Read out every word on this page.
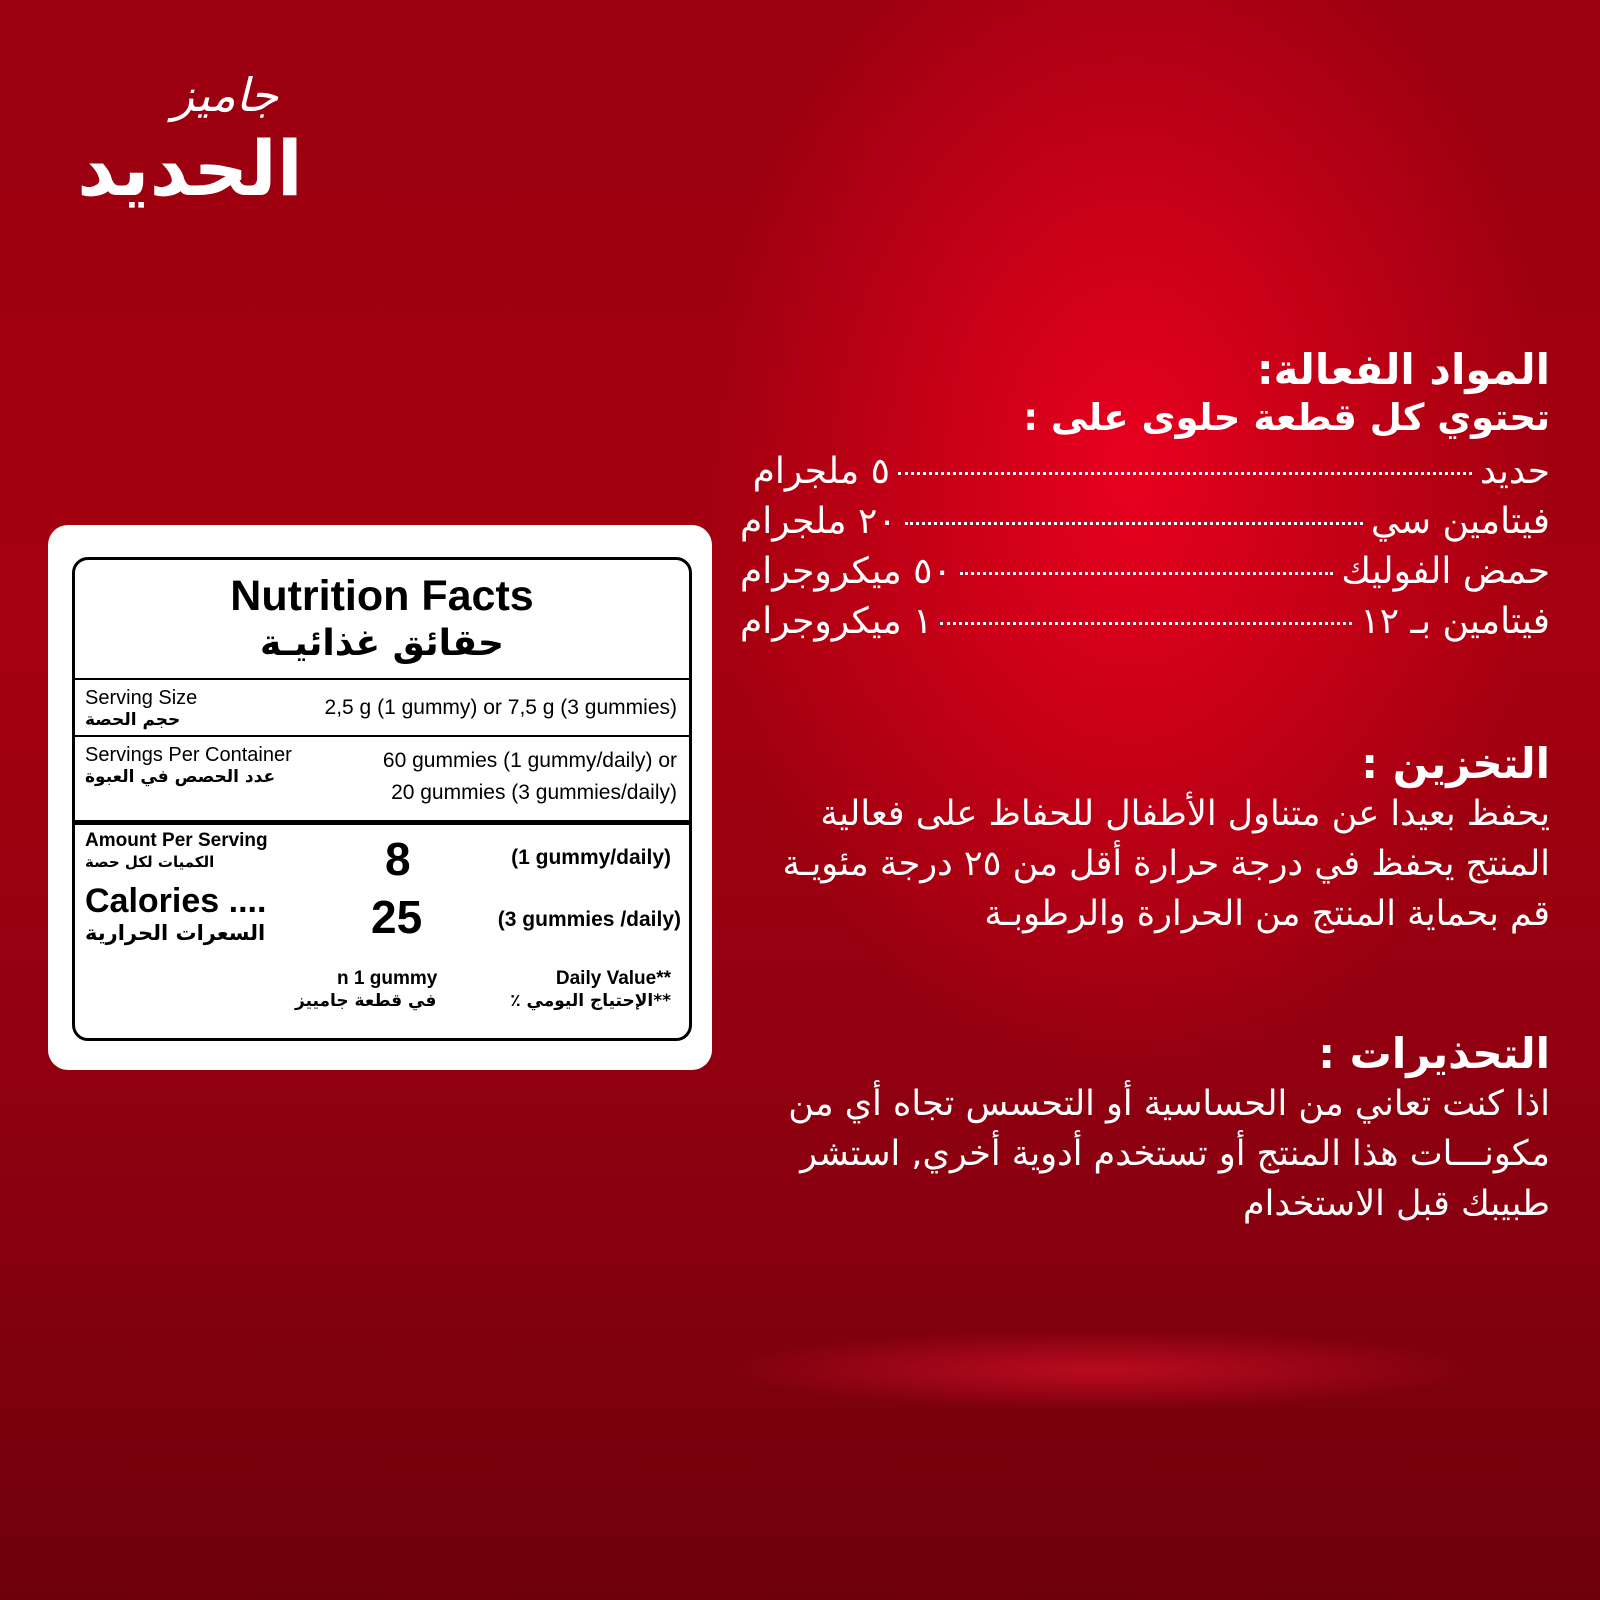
جاميز
الحديد
المواد الفعالة:
تحتوي كل قطعة حلوى على :
حديد
٥ ملجرام
فيتامين سي
٢٠ ملجرام
حمض الفوليك
٥٠ ميكروجرام
فيتامين بـ ١٢
١ ميكروجرام
التخزين :

يحفظ بعيدا عن متناول الأطفال للحفاظ على فعالية

المنتج يحفظ في درجة حرارة أقل من ٢٥ درجة مئويـة

قم بحماية المنتج من الحرارة والرطوبـة

التحذيرات :

اذا كنت تعاني من الحساسية أو التحسس تجاه أي من

مكونـــات هذا المنتج أو تستخدم أدوية أخري, استشر

طبيبك قبل الاستخدام

Nutrition Facts
حقائق غذائيـة
Serving Size
حجم الحصة
2,5 g (1 gummy) or 7,5 g (3 gummies)
Servings Per Container
عدد الحصص في العبوة
60 gummies (1 gummy/daily) or
20 gummies (3 gummies/daily)
Amount Per Serving
الكميات لكل حصة
Calories ....
السعرات الحرارية
8	(1 gummy/daily)
25	(3 gummies /daily)
n 1 gummy
في قطعة جامييز
Daily Value**
**الإحتياج اليومي ٪
